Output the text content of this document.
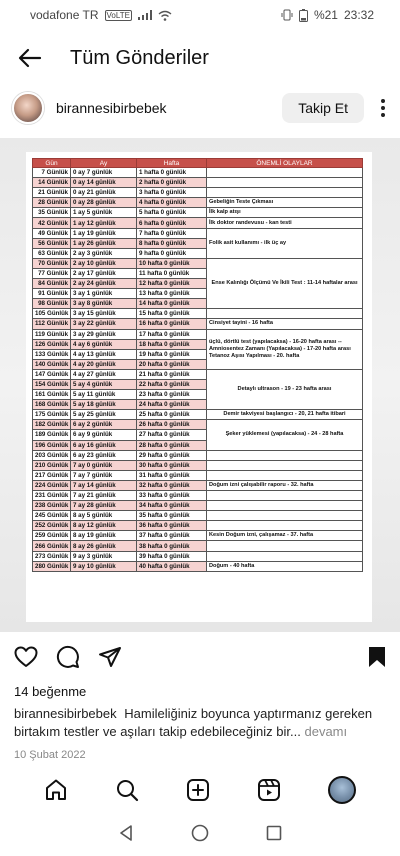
vodafone TR VoLTE	%21 23:32
Tüm Gönderiler
birannesibirbebek	Takip Et
Gün	Ay	Hafta	ÖNEMLİ OLAYLAR
7 Günlük	0 ay 7 günlük	1 hafta 0 günlük	
14 Günlük	0 ay 14 günlük	2 hafta 0 günlük	
21 Günlük	0 ay 21 günlük	3 hafta 0 günlük	
28 Günlük	0 ay 28 günlük	4 hafta 0 günlük	Gebeliğin Teste Çıkması
35 Günlük	1 ay 5 günlük	5 hafta 0 günlük	İlk kalp atışı
42 Günlük	1 ay 12 günlük	6 hafta 0 günlük	İlk doktor randevusu - kan testi
49 Günlük	1 ay 19 günlük	7 hafta 0 günlük	Folik asit kullanımı - ilk üç ay
56 Günlük	1 ay 26 günlük	8 hafta 0 günlük	
63 Günlük	2 ay 3 günlük	9 hafta 0 günlük	
70 Günlük	2 ay 10 günlük	10 hafta 0 günlük	Ense Kalınlığı Ölçümü Ve İkili Test : 11-14 haftalar arası
77 Günlük	2 ay 17 günlük	11 hafta 0 günlük	
84 Günlük	2 ay 24 günlük	12 hafta 0 günlük	
91 Günlük	3 ay 1 günlük	13 hafta 0 günlük	
98 Günlük	3 ay 8 günlük	14 hafta 0 günlük	
105 Günlük	3 ay 15 günlük	15 hafta 0 günlük	
112 Günlük	3 ay 22 günlük	16 hafta 0 günlük	Cinsiyet tayini - 16 hafta
119 Günlük	3 ay 29 günlük	17 hafta 0 günlük	üçlü, dörtlü test (yapılacaksa) - 16-20 hafta arası -- Amniosentez Zamanı (Yapılacaksa) - 17-20 hafta arası Tetanoz Aşısı Yapılması - 20. hafta
126 Günlük	4 ay 6 günlük	18 hafta 0 günlük	
133 Günlük	4 ay 13 günlük	19 hafta 0 günlük	
140 Günlük	4 ay 20 günlük	20 hafta 0 günlük	
147 Günlük	4 ay 27 günlük	21 hafta 0 günlük	Detaylı ultrason - 19 - 23 hafta arası
154 Günlük	5 ay 4 günlük	22 hafta 0 günlük	
161 Günlük	5 ay 11 günlük	23 hafta 0 günlük	
168 Günlük	5 ay 18 günlük	24 hafta 0 günlük	
175 Günlük	5 ay 25 günlük	25 hafta 0 günlük	Demir takviyesi başlangıcı - 20, 21 hafta itibari
182 Günlük	6 ay 2 günlük	26 hafta 0 günlük	Şeker yüklemesi (yapılacaksa) - 24 - 28 hafta
189 Günlük	6 ay 9 günlük	27 hafta 0 günlük	
196 Günlük	6 ay 16 günlük	28 hafta 0 günlük	
203 Günlük	6 ay 23 günlük	29 hafta 0 günlük	
210 Günlük	7 ay 0 günlük	30 hafta 0 günlük	
217 Günlük	7 ay 7 günlük	31 hafta 0 günlük	
224 Günlük	7 ay 14 günlük	32 hafta 0 günlük	Doğum izni çalışabilir raporu - 32. hafta
231 Günlük	7 ay 21 günlük	33 hafta 0 günlük	
238 Günlük	7 ay 28 günlük	34 hafta 0 günlük	
245 Günlük	8 ay 5 günlük	35 hafta 0 günlük	
252 Günlük	8 ay 12 günlük	36 hafta 0 günlük	
259 Günlük	8 ay 19 günlük	37 hafta 0 günlük	Kesin Doğum izni, çalışamaz - 37. hafta
266 Günlük	8 ay 26 günlük	38 hafta 0 günlük	
273 Günlük	9 ay 3 günlük	39 hafta 0 günlük	
280 Günlük	9 ay 10 günlük	40 hafta 0 günlük	Doğum - 40 hafta
14 beğenme
birannesibirbebek Hamileliğiniz boyunca yaptırmanız gereken birtakım testler ve aşıları takip edebileceğiniz bir... devamı
10 Şubat 2022
